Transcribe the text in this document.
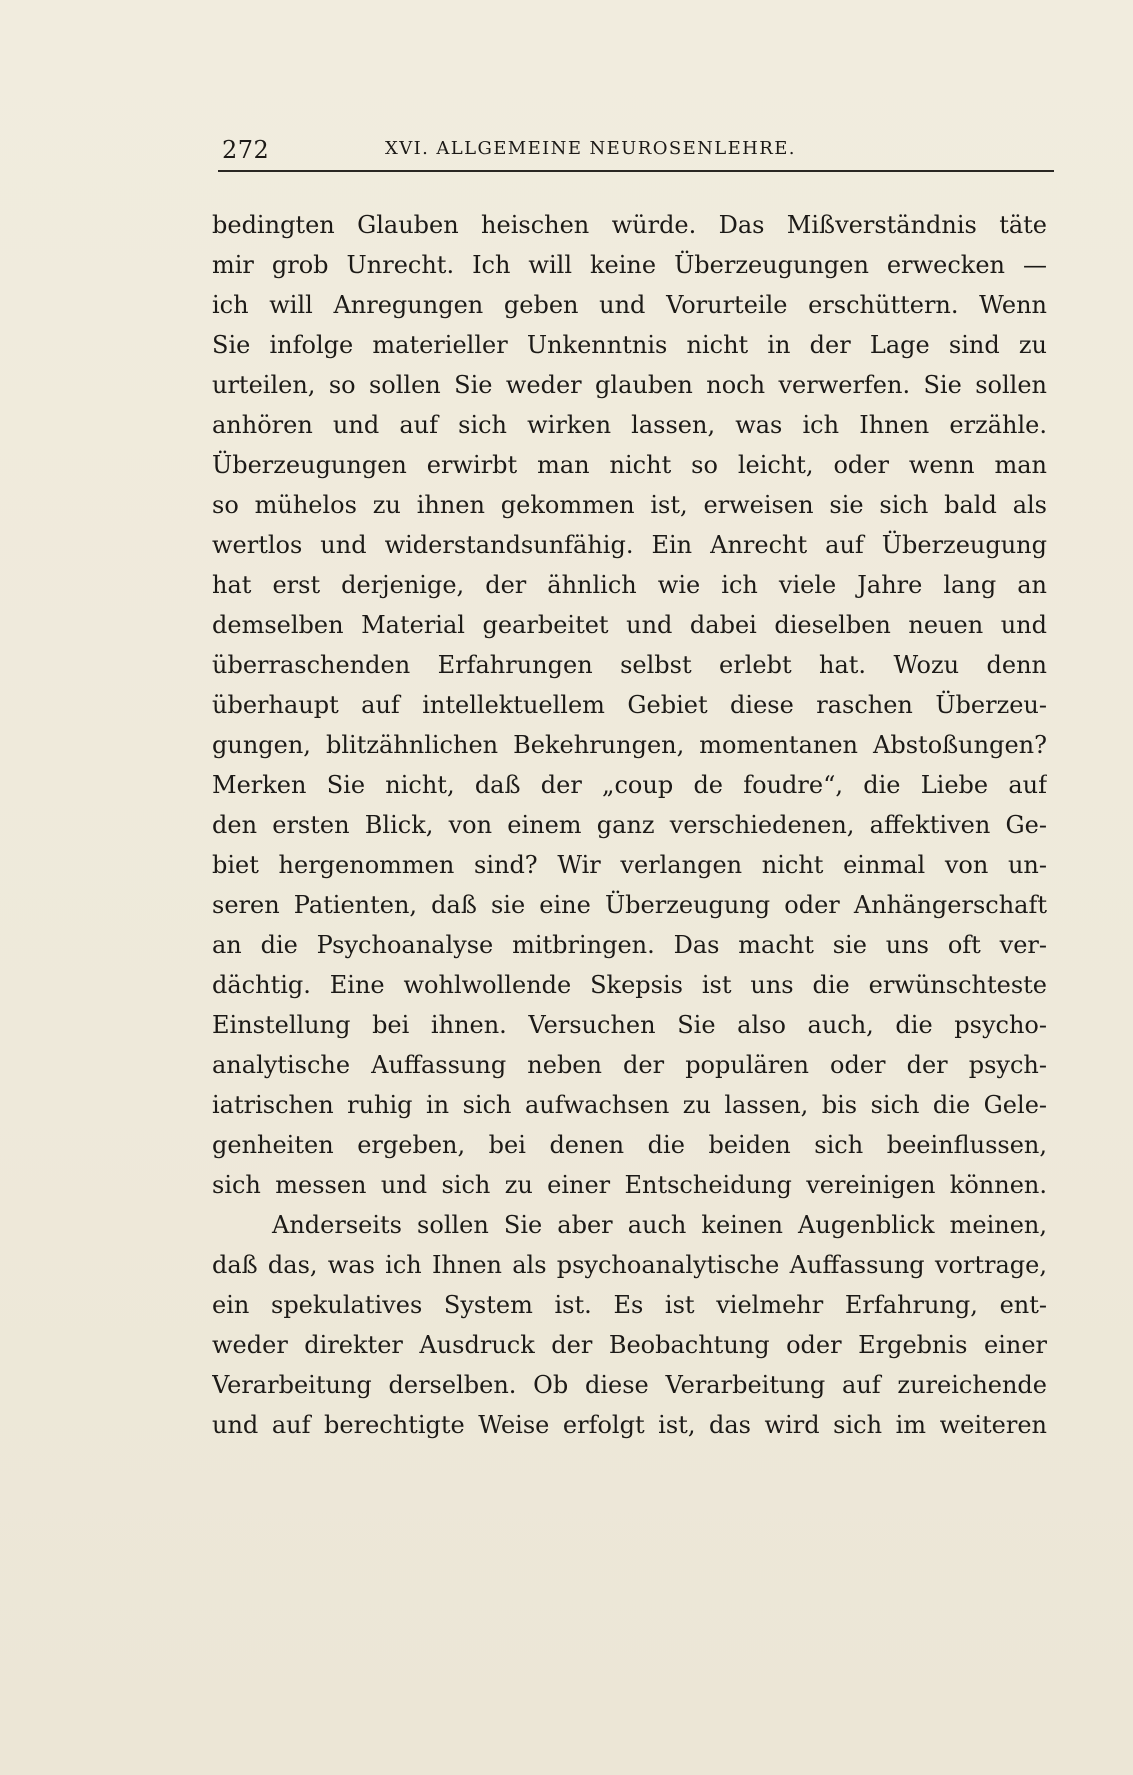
272	XVI. ALLGEMEINE NEUROSENLEHRE.
bedingten Glauben heischen würde. Das Mißverständnis täte
mir grob Unrecht. Ich will keine Überzeugungen erwecken —
ich will Anregungen geben und Vorurteile erschüttern. Wenn
Sie infolge materieller Unkenntnis nicht in der Lage sind zu
urteilen, so sollen Sie weder glauben noch verwerfen. Sie sollen
anhören und auf sich wirken lassen, was ich Ihnen erzähle.
Überzeugungen erwirbt man nicht so leicht, oder wenn man
so mühelos zu ihnen gekommen ist, erweisen sie sich bald als
wertlos und widerstandsunfähig. Ein Anrecht auf Überzeugung
hat erst derjenige, der ähnlich wie ich viele Jahre lang an
demselben Material gearbeitet und dabei dieselben neuen und
überraschenden Erfahrungen selbst erlebt hat. Wozu denn
überhaupt auf intellektuellem Gebiet diese raschen Überzeu-
gungen, blitzähnlichen Bekehrungen, momentanen Abstoßungen?
Merken Sie nicht, daß der „coup de foudre“, die Liebe auf
den ersten Blick, von einem ganz verschiedenen, affektiven Ge-
biet hergenommen sind? Wir verlangen nicht einmal von un-
seren Patienten, daß sie eine Überzeugung oder Anhängerschaft
an die Psychoanalyse mitbringen. Das macht sie uns oft ver-
dächtig. Eine wohlwollende Skepsis ist uns die erwünschteste
Einstellung bei ihnen. Versuchen Sie also auch, die psycho-
analytische Auffassung neben der populären oder der psych-
iatrischen ruhig in sich aufwachsen zu lassen, bis sich die Gele-
genheiten ergeben, bei denen die beiden sich beeinflussen,
sich messen und sich zu einer Entscheidung vereinigen können.
Anderseits sollen Sie aber auch keinen Augenblick meinen,
daß das, was ich Ihnen als psychoanalytische Auffassung vortrage,
ein spekulatives System ist. Es ist vielmehr Erfahrung, ent-
weder direkter Ausdruck der Beobachtung oder Ergebnis einer
Verarbeitung derselben. Ob diese Verarbeitung auf zureichende
und auf berechtigte Weise erfolgt ist, das wird sich im weiteren
